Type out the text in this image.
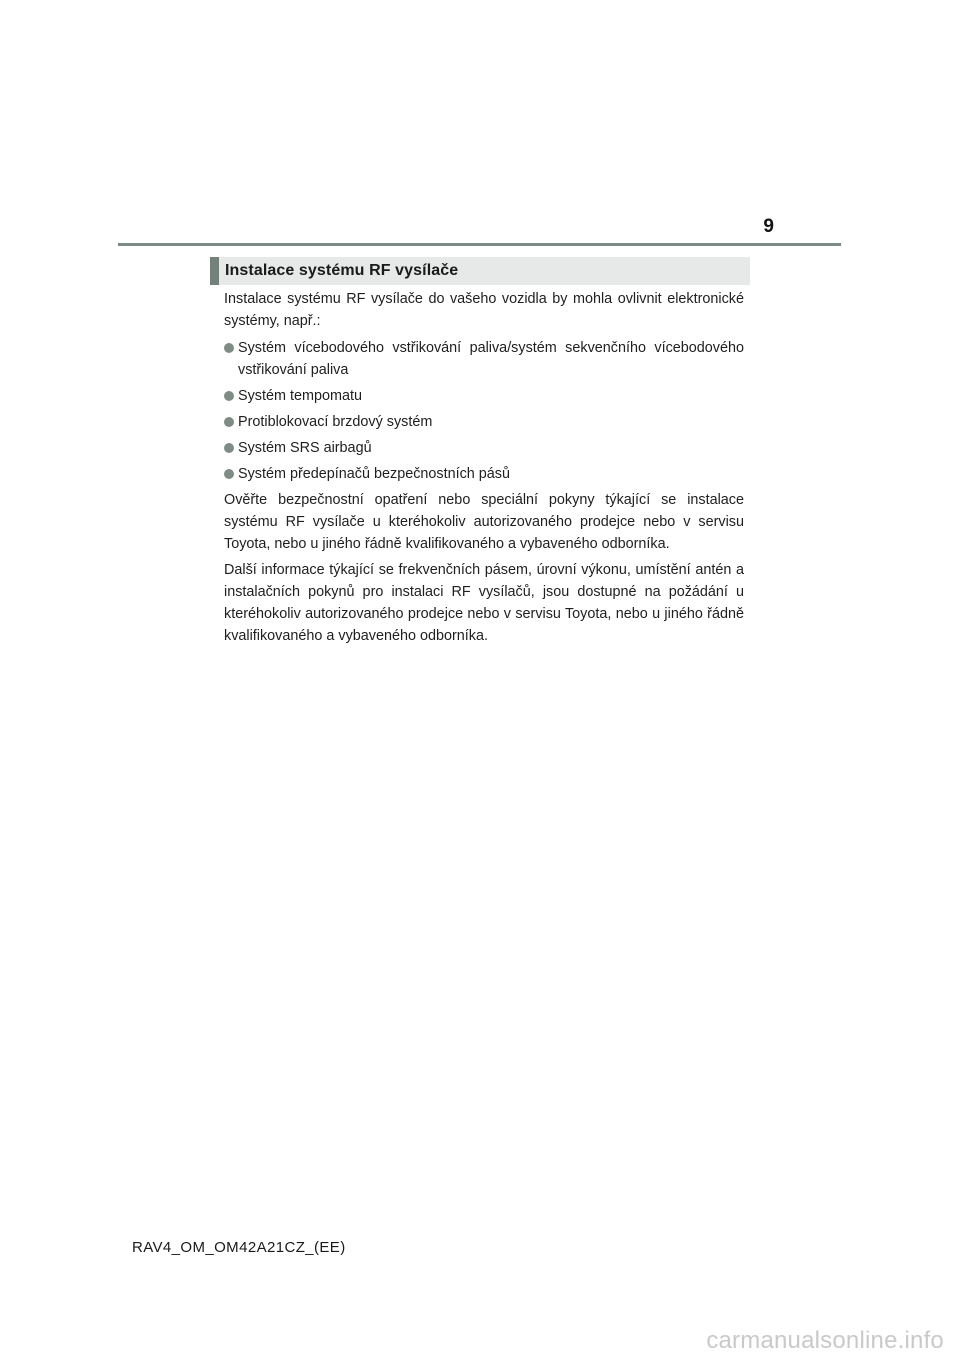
9
Instalace systému RF vysílače

Instalace systému RF vysílače do vašeho vozidla by mohla ovlivnit elektronické systémy, např.:

Systém vícebodového vstřikování paliva/systém sekvenčního vícebodového vstřikování paliva
Systém tempomatu
Protiblokovací brzdový systém
Systém SRS airbagů
Systém předepínačů bezpečnostních pásů

Ověřte bezpečnostní opatření nebo speciální pokyny týkající se instalace systému RF vysílače u kteréhokoliv autorizovaného prodejce nebo v servisu Toyota, nebo u jiného řádně kvalifikovaného a vybaveného odborníka.

Další informace týkající se frekvenčních pásem, úrovní výkonu, umístění antén a instalačních pokynů pro instalaci RF vysílačů, jsou dostupné na požádání u kteréhokoliv autorizovaného prodejce nebo v servisu Toyota, nebo u jiného řádně kvalifikovaného a vybaveného odborníka.

RAV4_OM_OM42A21CZ_(EE)
carmanualsonline.info
